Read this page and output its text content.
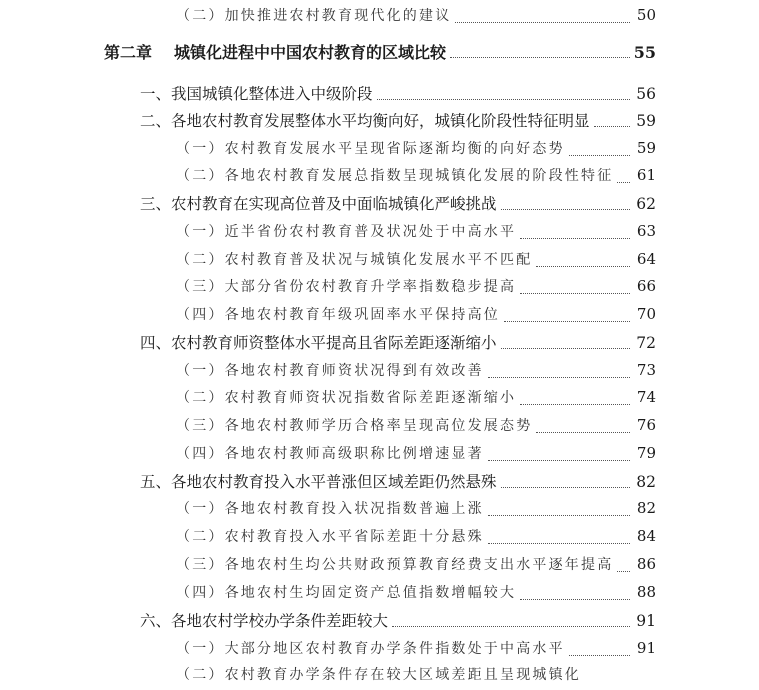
（二）加快推进农村教育现代化的建议	50
第二章 城镇化进程中中国农村教育的区域比较	55
一、我国城镇化整体进入中级阶段	56
二、各地农村教育发展整体水平均衡向好，城镇化阶段性特征明显	59
（一）农村教育发展水平呈现省际逐渐均衡的向好态势	59
（二）各地农村教育发展总指数呈现城镇化发展的阶段性特征 61
三、农村教育在实现高位普及中面临城镇化严峻挑战	62
（一）近半省份农村教育普及状况处于中高水平	63
（二）农村教育普及状况与城镇化发展水平不匹配	64
（三）大部分省份农村教育升学率指数稳步提高	66
（四）各地农村教育年级巩固率水平保持高位	70
四、农村教育师资整体水平提高且省际差距逐渐缩小	72
（一）各地农村教育师资状况得到有效改善	73
（二）农村教育师资状况指数省际差距逐渐缩小	74
（三）各地农村教师学历合格率呈现高位发展态势	76
（四）各地农村教师高级职称比例增速显著	79
五、各地农村教育投入水平普涨但区域差距仍然悬殊	82
（一）各地农村教育投入状况指数普遍上涨	82
（二）农村教育投入水平省际差距十分悬殊	84
（三）各地农村生均公共财政预算教育经费支出水平逐年提高 86
（四）各地农村生均固定资产总值指数增幅较大	88
六、各地农村学校办学条件差距较大	91
（一）大部分地区农村教育办学条件指数处于中高水平	91
（二）农村教育办学条件存在较大区域差距且呈现城镇化
